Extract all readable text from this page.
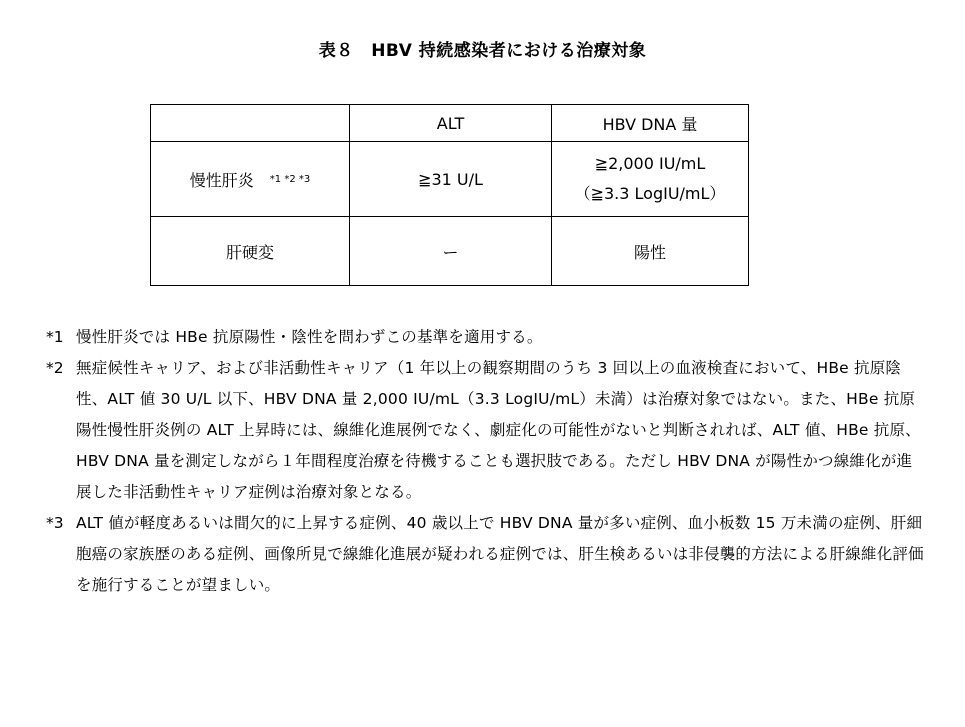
表８　HBV 持続感染者における治療対象
	ALT	HBV DNA 量
慢性肝炎 $^{*1 *2 *3}$	≧31 U/L	≧2,000 IU/mL
（≧3.3 LogIU/mL）

肝硬変	ー	陽性
*1 慢性肝炎では HBe 抗原陽性・陰性を問わずこの基準を適用する。
*2 無症候性キャリア、および非活動性キャリア（1 年以上の観察期間のうち 3 回以上の血液検査において、HBe 抗原陰性、ALT 値 30 U/L 以下、HBV DNA 量 2,000 IU/mL（3.3 LogIU/mL）未満）は治療対象ではない。また、HBe 抗原陽性慢性肝炎例の ALT 上昇時には、線維化進展例でなく、劇症化の可能性がないと判断されれば、ALT 値、HBe 抗原、HBV DNA 量を測定しながら１年間程度治療を待機することも選択肢である。ただし HBV DNA が陽性かつ線維化が進展した非活動性キャリア症例は治療対象となる。
*3 ALT 値が軽度あるいは間欠的に上昇する症例、40 歳以上で HBV DNA 量が多い症例、血小板数 15 万未満の症例、肝細胞癌の家族歴のある症例、画像所見で線維化進展が疑われる症例では、肝生検あるいは非侵襲的方法による肝線維化評価を施行することが望ましい。
